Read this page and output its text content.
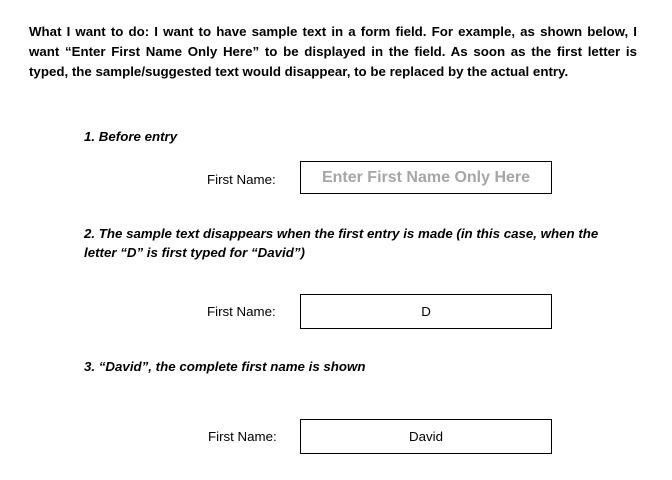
What I want to do: I want to have sample text in a form field. For example, as shown below, I want “Enter First Name Only Here” to be displayed in the field. As soon as the first letter is typed, the sample/suggested text would disappear, to be replaced by the actual entry.

1. Before entry

First Name:	Enter First Name Only Here

2. The sample text disappears when the first entry is made (in this case, when the letter “D” is first typed for “David”)

First Name:	D

3. “David”, the complete first name is shown

First Name:	David
